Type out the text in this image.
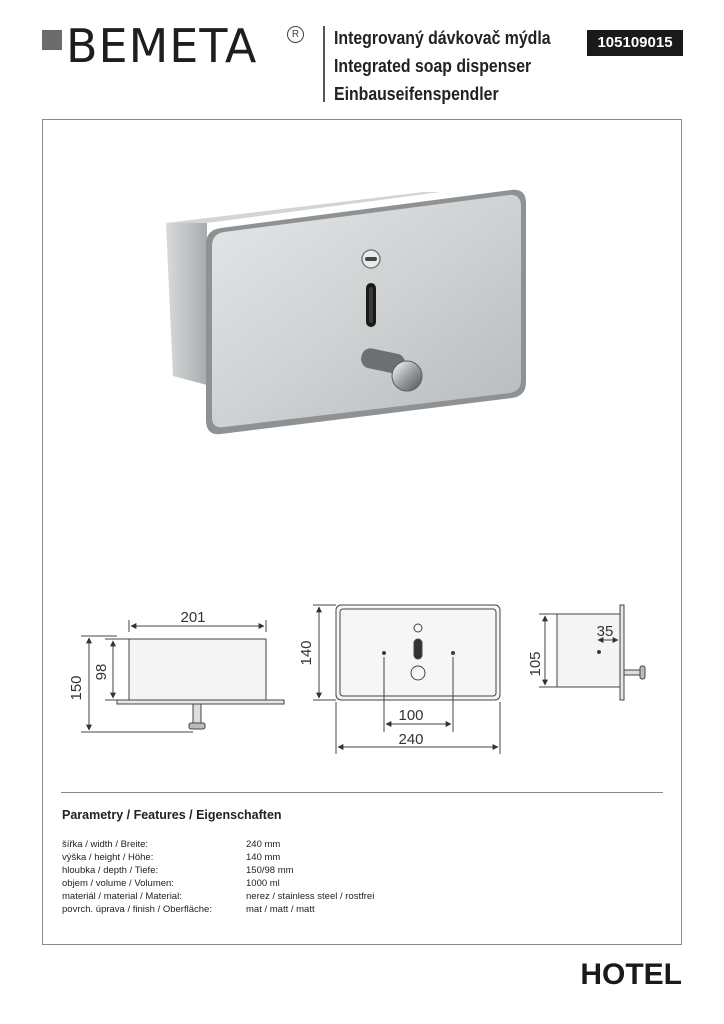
BEMETA	R Integrovaný dávkovač mýdla
Integrated soap dispenser
Einbauseifenspendler
105109015
201
150
98
140
100
240
35
105
Parametry / Features / Eigenschaften
šířka / width / Breite:	240 mm
výška / height / Höhe:	140 mm
hloubka / depth / Tiefe:	150/98 mm
objem / volume / Volumen:	1000 ml
materiál / material / Material:	nerez / stainless steel / rostfrei
povrch. úprava / finish / Oberfläche:	mat / matt / matt
HOTEL
